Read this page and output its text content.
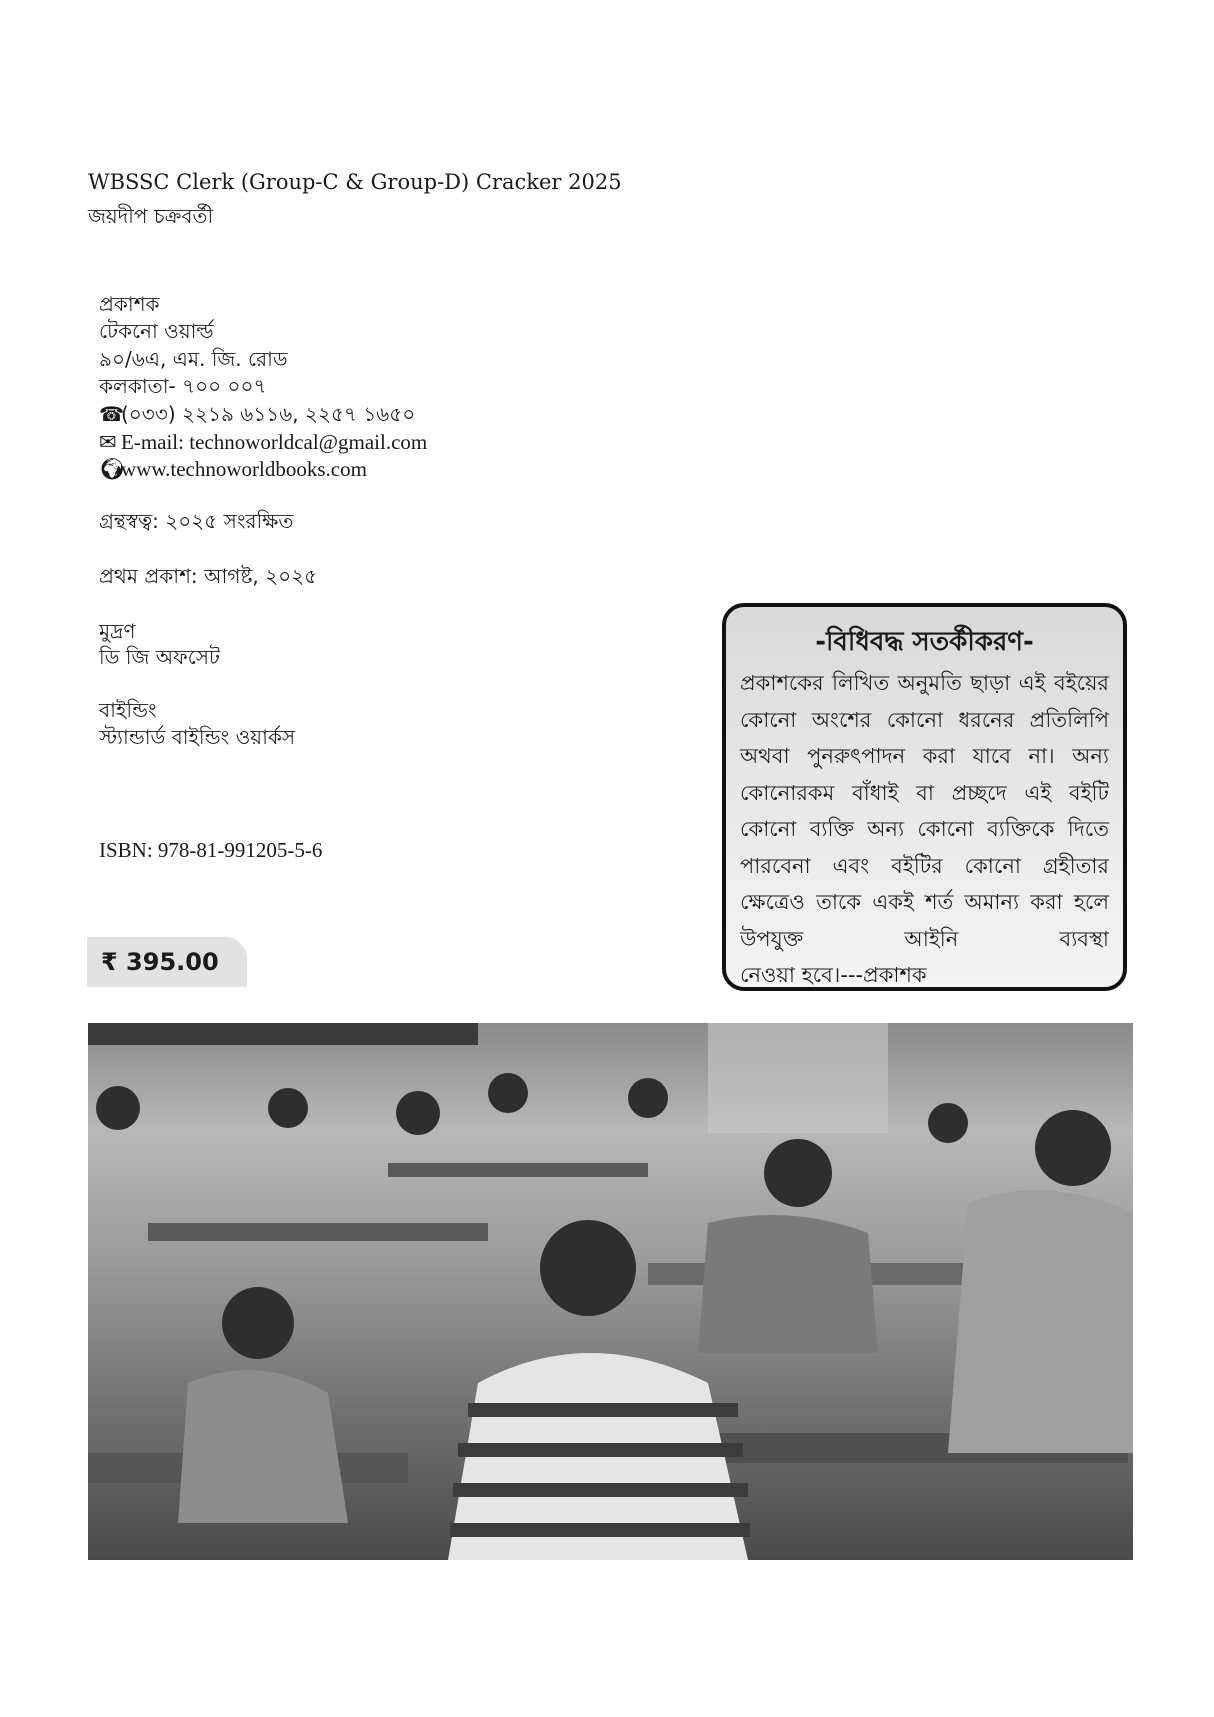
WBSSC Clerk (Group-C & Group-D) Cracker 2025
জয়দীপ চক্রবর্তী
প্রকাশক
টেকনো ওয়ার্ল্ড
৯০/৬এ, এম. জি. রোড
কলকাতা- ৭০০ ০০৭
☎(০৩৩) ২২১৯ ৬১১৬, ২২৫৭ ১৬৫০
✉ E-mail: technoworldcal@gmail.com
🌍︎www.technoworldbooks.com
গ্রন্থস্বত্ব: ২০২৫ সংরক্ষিত
প্রথম প্রকাশ: আগষ্ট, ২০২৫
মুদ্রণ
ডি জি অফসেট
বাইন্ডিং
স্ট্যান্ডার্ড বাইন্ডিং ওয়ার্কস
ISBN: 978-81-991205-5-6
-বিধিবদ্ধ সতর্কীকরণ-

প্রকাশকের লিখিত অনুমতি ছাড়া এই বইয়ের কোনো অংশের কোনো ধরনের প্রতিলিপি অথবা পুনরুৎপাদন করা যাবে না। অন্য কোনোরকম বাঁধাই বা প্রচ্ছদে এই বইটি কোনো ব্যক্তি অন্য কোনো ব্যক্তিকে দিতে পারবেনা এবং বইটির কোনো গ্রহীতার ক্ষেত্রেও তাকে একই শর্ত অমান্য করা হলে উপযুক্ত আইনি ব্যবস্থা
নেওয়া হবে।---প্রকাশক

₹ 395.00
